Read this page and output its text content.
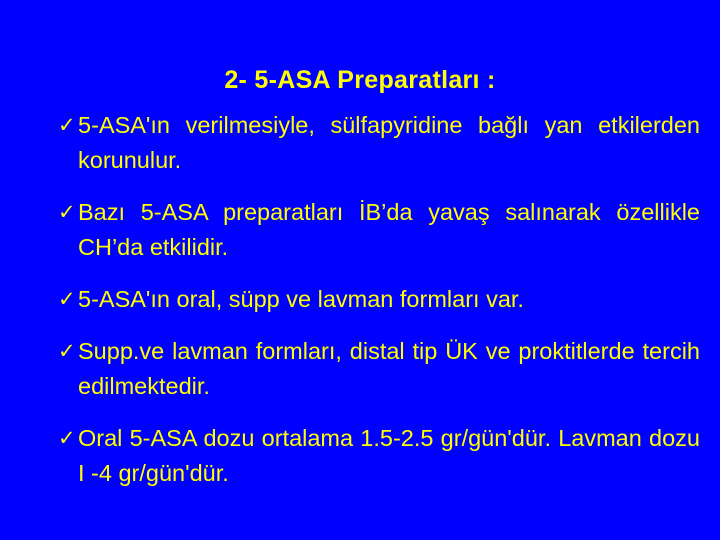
2- 5-ASA Preparatları :
✓ 5-ASA'ın verilmesiyle, sülfapyridine bağlı yan etkilerden korunulur.
✓ Bazı 5-ASA preparatları İB’da yavaş salınarak özellikle CH’da etkilidir.
✓ 5-ASA'ın oral, süpp ve lavman formları var.
✓ Supp.ve lavman formları, distal tip ÜK ve proktitlerde tercih edilmektedir.
✓ Oral 5-ASA dozu ortalama 1.5-2.5 gr/gün'dür. Lavman dozu I -4 gr/gün'dür.
